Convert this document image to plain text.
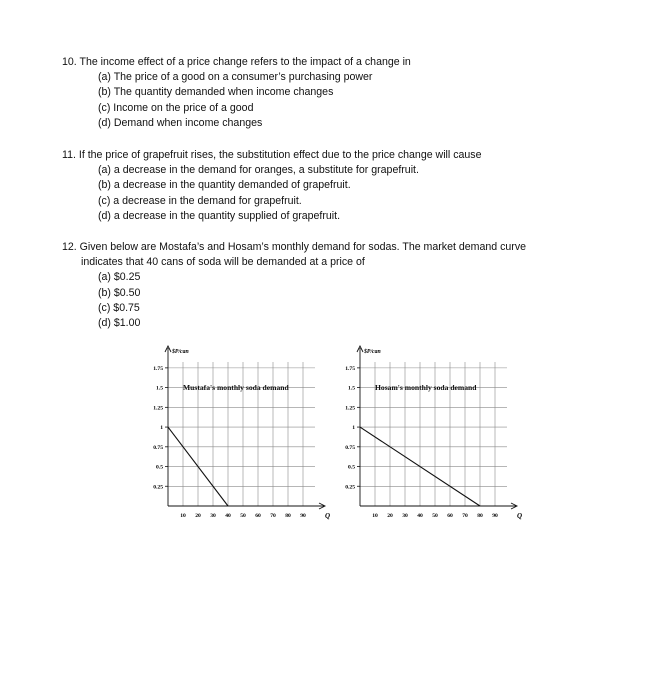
10. The income effect of a price change refers to the impact of a change in
(a) The price of a good on a consumer’s purchasing power
(b) The quantity demanded when income changes
(c) Income on the price of a good
(d) Demand when income changes
11. If the price of grapefruit rises, the substitution effect due to the price change will cause
(a) a decrease in the demand for oranges, a substitute for grapefruit.
(b) a decrease in the quantity demanded of grapefruit.
(c) a decrease in the demand for grapefruit.
(d) a decrease in the quantity supplied of grapefruit.
12. Given below are Mostafa’s and Hosam’s monthly demand for sodas. The market demand curve
indicates that 40 cans of soda will be demanded at a price of
(a) $0.25
(b) $0.50
(c) $0.75
(d) $1.00
0.25
0.5
0.75
1
1.25
1.5
1.75
10 20 30 40 50 60 70 80 90
$P/can
Q
Mustafa's monthly soda demand
0.25
0.5
0.75
1
1.25
1.5
1.75
10 20 30 40 50 60 70 80 90
$P/can
Q
Hosam's monthly soda demand
